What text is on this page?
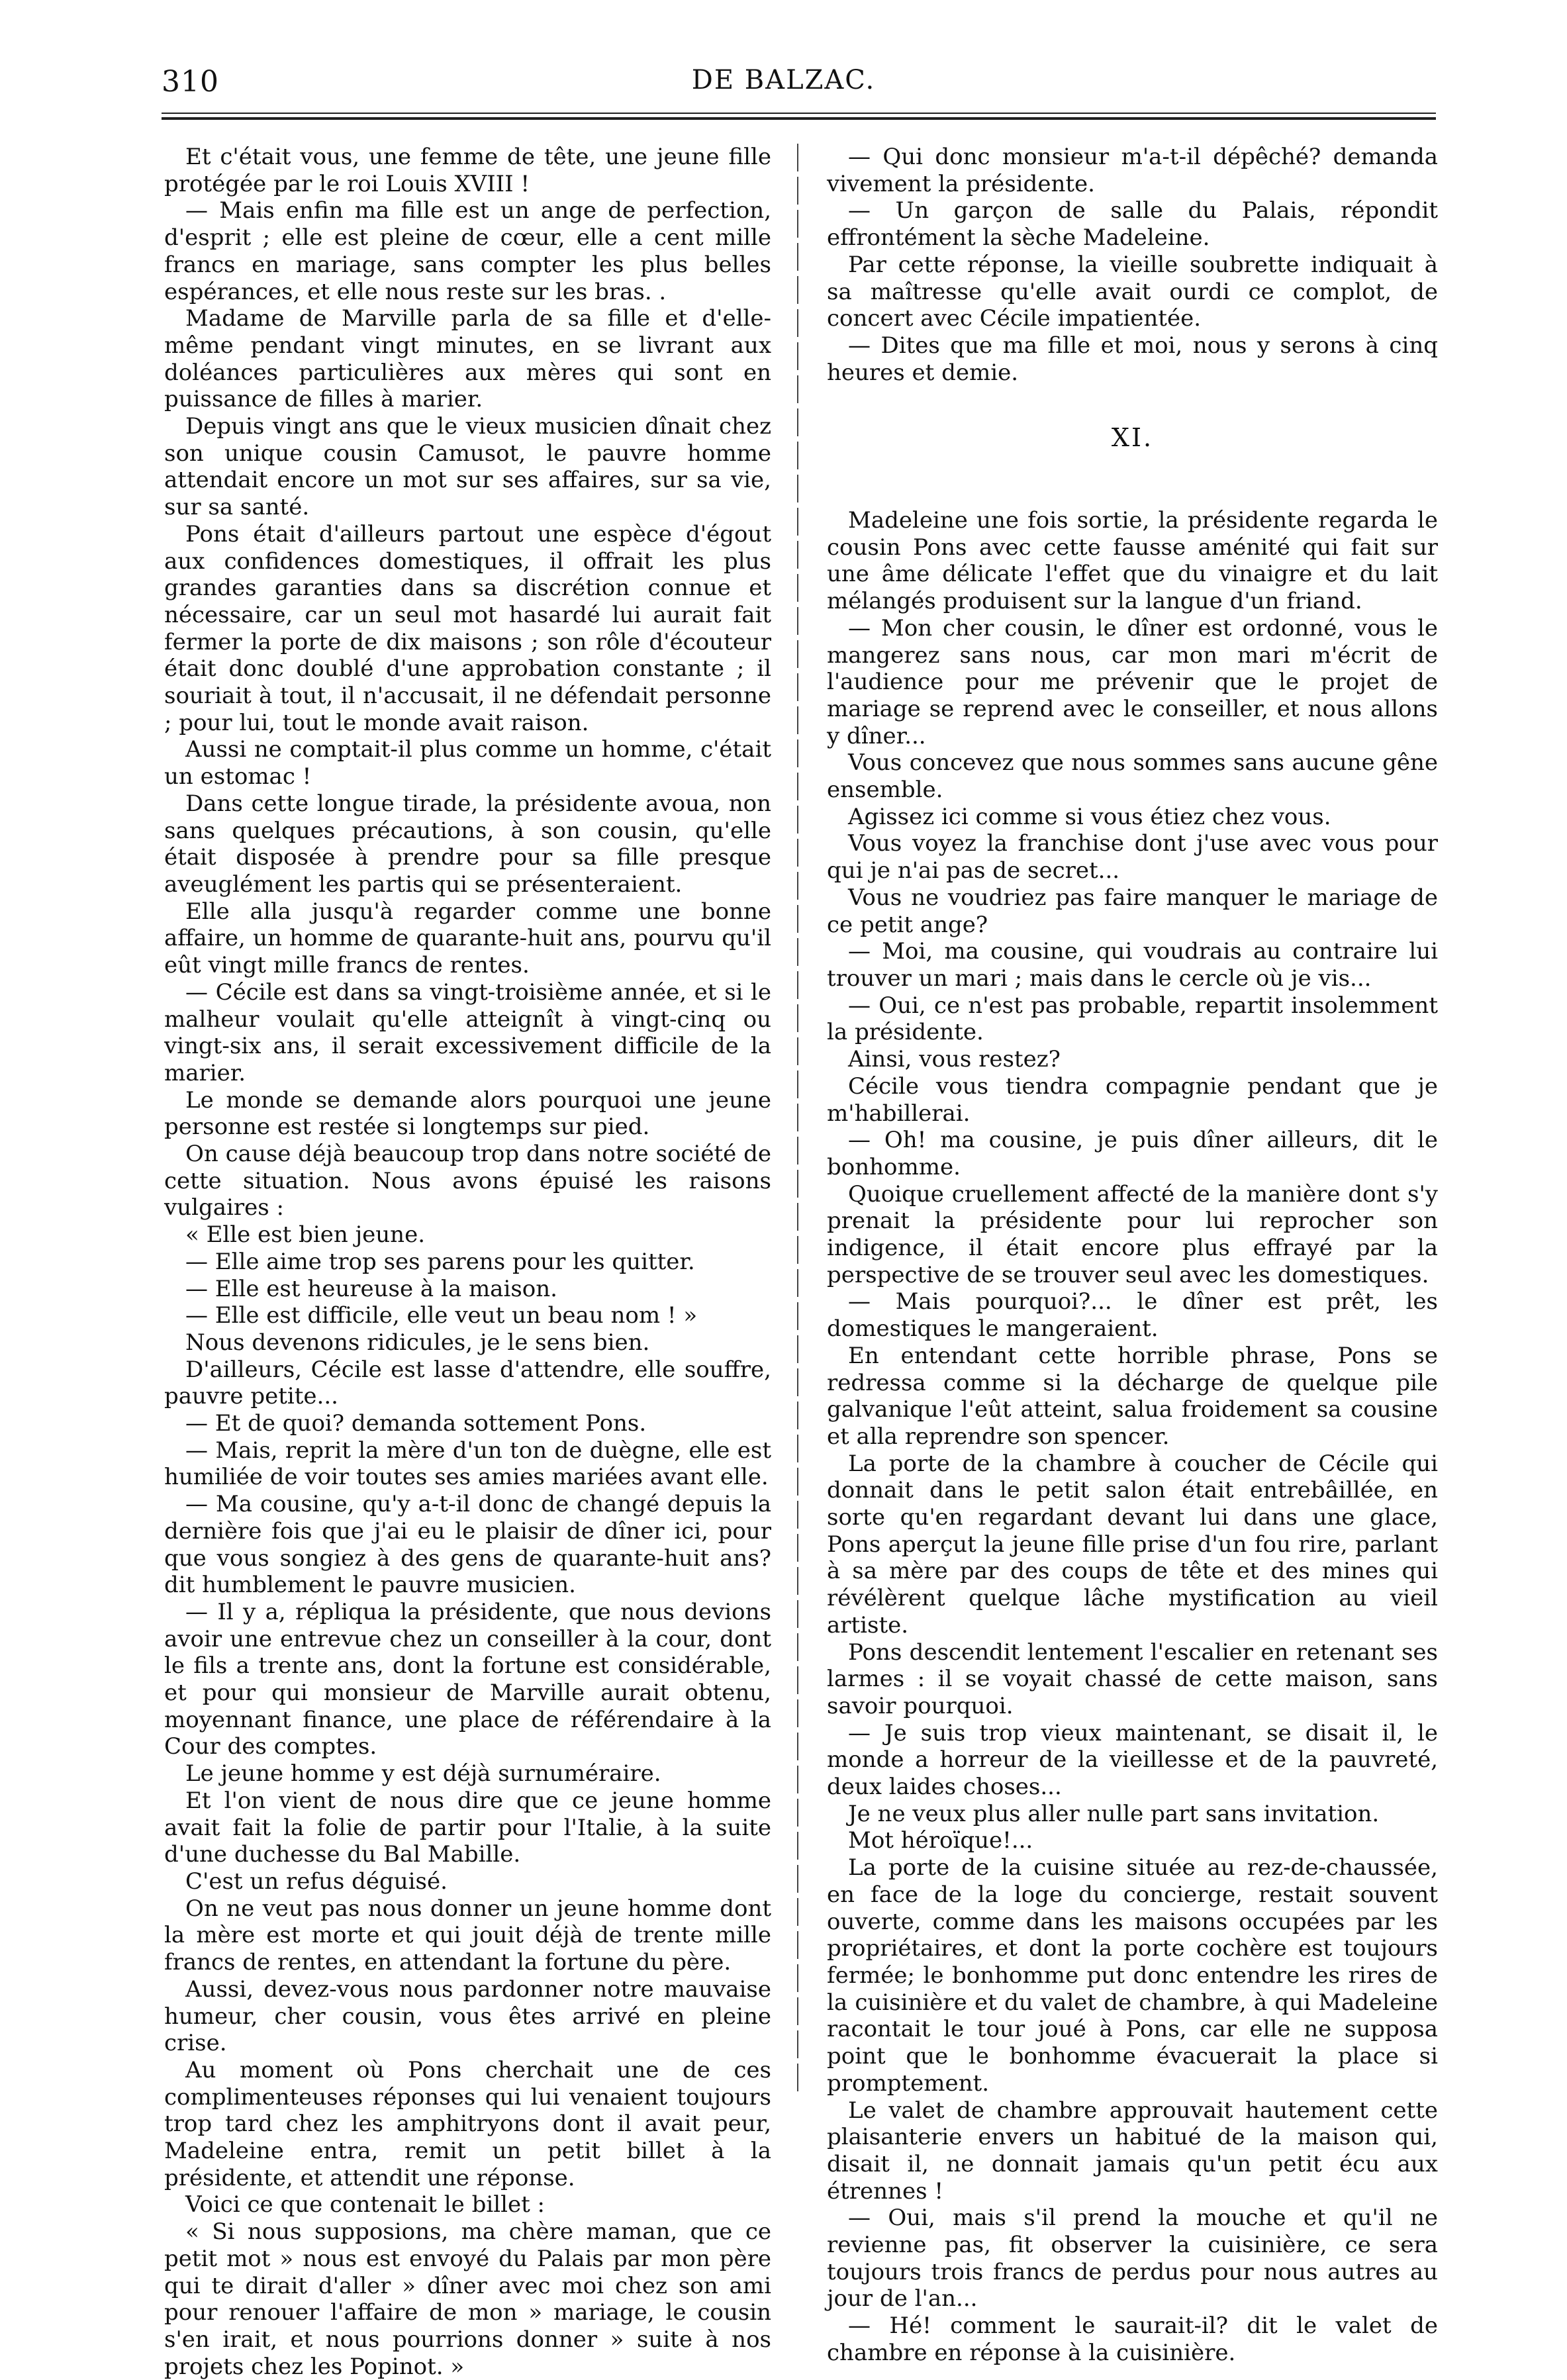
310	DE BALZAC.

Et c'était vous, une femme de tête, une jeune fille protégée par le roi Louis XVIII !

— Mais enfin ma fille est un ange de perfection, d'esprit ; elle est pleine de cœur, elle a cent mille francs en mariage, sans compter les plus belles espérances, et elle nous reste sur les bras. .

Madame de Marville parla de sa fille et d'elle-même pendant vingt minutes, en se livrant aux doléances particulières aux mères qui sont en puissance de filles à marier.

Depuis vingt ans que le vieux musicien dînait chez son unique cousin Camusot, le pauvre homme attendait encore un mot sur ses affaires, sur sa vie, sur sa santé.

Pons était d'ailleurs partout une espèce d'égout aux confidences domestiques, il offrait les plus grandes garanties dans sa discrétion connue et nécessaire, car un seul mot hasardé lui aurait fait fermer la porte de dix maisons ; son rôle d'écouteur était donc doublé d'une approbation constante ; il souriait à tout, il n'accusait, il ne défendait personne ; pour lui, tout le monde avait raison.

Aussi ne comptait-il plus comme un homme, c'était un estomac !

Dans cette longue tirade, la présidente avoua, non sans quelques précautions, à son cousin, qu'elle était disposée à prendre pour sa fille presque aveuglément les partis qui se présenteraient.

Elle alla jusqu'à regarder comme une bonne affaire, un homme de quarante-huit ans, pourvu qu'il eût vingt mille francs de rentes.

— Cécile est dans sa vingt-troisième année, et si le malheur voulait qu'elle atteignît à vingt-cinq ou vingt-six ans, il serait excessivement difficile de la marier.

Le monde se demande alors pourquoi une jeune personne est restée si longtemps sur pied.

On cause déjà beaucoup trop dans notre société de cette situation. Nous avons épuisé les raisons vulgaires :

« Elle est bien jeune.

— Elle aime trop ses parens pour les quitter.

— Elle est heureuse à la maison.

— Elle est difficile, elle veut un beau nom ! »

Nous devenons ridicules, je le sens bien.

D'ailleurs, Cécile est lasse d'attendre, elle souffre, pauvre petite...

— Et de quoi? demanda sottement Pons.

— Mais, reprit la mère d'un ton de duègne, elle est humiliée de voir toutes ses amies mariées avant elle.

— Ma cousine, qu'y a-t-il donc de changé depuis la dernière fois que j'ai eu le plaisir de dîner ici, pour que vous songiez à des gens de quarante-huit ans? dit humblement le pauvre musicien.

— Il y a, répliqua la présidente, que nous devions avoir une entrevue chez un conseiller à la cour, dont le fils a trente ans, dont la fortune est considérable, et pour qui monsieur de Marville aurait obtenu, moyennant finance, une place de référendaire à la Cour des comptes.

Le jeune homme y est déjà surnuméraire.

Et l'on vient de nous dire que ce jeune homme avait fait la folie de partir pour l'Italie, à la suite d'une duchesse du Bal Mabille.

C'est un refus déguisé.

On ne veut pas nous donner un jeune homme dont la mère est morte et qui jouit déjà de trente mille francs de rentes, en attendant la fortune du père.

Aussi, devez-vous nous pardonner notre mauvaise humeur, cher cousin, vous êtes arrivé en pleine crise.

Au moment où Pons cherchait une de ces complimenteuses réponses qui lui venaient toujours trop tard chez les amphitryons dont il avait peur, Madeleine entra, remit un petit billet à la présidente, et attendit une réponse.

Voici ce que contenait le billet :

« Si nous supposions, ma chère maman, que ce petit mot » nous est envoyé du Palais par mon père qui te dirait d'aller » dîner avec moi chez son ami pour renouer l'affaire de mon » mariage, le cousin s'en irait, et nous pourrions donner » suite à nos projets chez les Popinot. »

— Qui donc monsieur m'a-t-il dépêché? demanda vivement la présidente.

— Un garçon de salle du Palais, répondit effrontément la sèche Madeleine.

Par cette réponse, la vieille soubrette indiquait à sa maîtresse qu'elle avait ourdi ce complot, de concert avec Cécile impatientée.

— Dites que ma fille et moi, nous y serons à cinq heures et demie.

XI.

Madeleine une fois sortie, la présidente regarda le cousin Pons avec cette fausse aménité qui fait sur une âme délicate l'effet que du vinaigre et du lait mélangés produisent sur la langue d'un friand.

— Mon cher cousin, le dîner est ordonné, vous le mangerez sans nous, car mon mari m'écrit de l'audience pour me prévenir que le projet de mariage se reprend avec le conseiller, et nous allons y dîner...

Vous concevez que nous sommes sans aucune gêne ensemble.

Agissez ici comme si vous étiez chez vous.

Vous voyez la franchise dont j'use avec vous pour qui je n'ai pas de secret...

Vous ne voudriez pas faire manquer le mariage de ce petit ange?

— Moi, ma cousine, qui voudrais au contraire lui trouver un mari ; mais dans le cercle où je vis...

— Oui, ce n'est pas probable, repartit insolemment la présidente.

Ainsi, vous restez?

Cécile vous tiendra compagnie pendant que je m'habillerai.

— Oh! ma cousine, je puis dîner ailleurs, dit le bonhomme.

Quoique cruellement affecté de la manière dont s'y prenait la présidente pour lui reprocher son indigence, il était encore plus effrayé par la perspective de se trouver seul avec les domestiques.

— Mais pourquoi?... le dîner est prêt, les domestiques le mangeraient.

En entendant cette horrible phrase, Pons se redressa comme si la décharge de quelque pile galvanique l'eût atteint, salua froidement sa cousine et alla reprendre son spencer.

La porte de la chambre à coucher de Cécile qui donnait dans le petit salon était entrebâillée, en sorte qu'en regardant devant lui dans une glace, Pons aperçut la jeune fille prise d'un fou rire, parlant à sa mère par des coups de tête et des mines qui révélèrent quelque lâche mystification au vieil artiste.

Pons descendit lentement l'escalier en retenant ses larmes : il se voyait chassé de cette maison, sans savoir pourquoi.

— Je suis trop vieux maintenant, se disait il, le monde a horreur de la vieillesse et de la pauvreté, deux laides choses...

Je ne veux plus aller nulle part sans invitation.

Mot héroïque!...

La porte de la cuisine située au rez-de-chaussée, en face de la loge du concierge, restait souvent ouverte, comme dans les maisons occupées par les propriétaires, et dont la porte cochère est toujours fermée; le bonhomme put donc entendre les rires de la cuisinière et du valet de chambre, à qui Madeleine racontait le tour joué à Pons, car elle ne supposa point que le bonhomme évacuerait la place si promptement.

Le valet de chambre approuvait hautement cette plaisanterie envers un habitué de la maison qui, disait il, ne donnait jamais qu'un petit écu aux étrennes !

— Oui, mais s'il prend la mouche et qu'il ne revienne pas, fit observer la cuisinière, ce sera toujours trois francs de perdus pour nous autres au jour de l'an...

— Hé! comment le saurait-il? dit le valet de chambre en réponse à la cuisinière.
